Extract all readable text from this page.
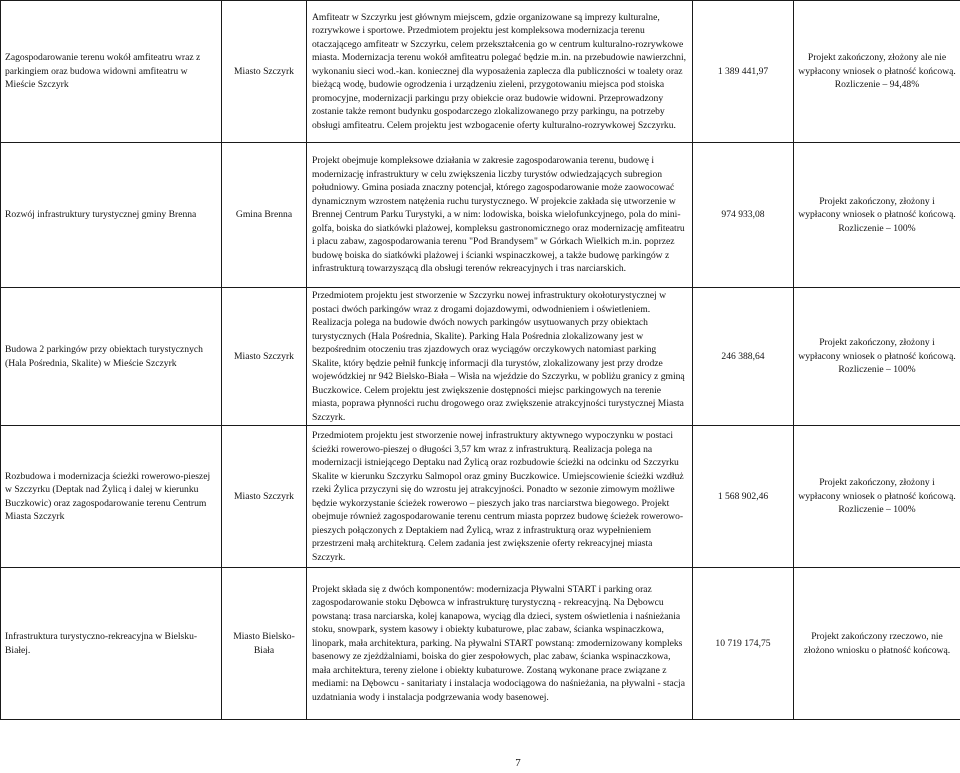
Zagospodarowanie terenu wokół amfiteatru wraz z parkingiem oraz budowa widowni amfiteatru w Mieście Szczyrk	Miasto Szczyrk	Amfiteatr w Szczyrku jest głównym miejscem, gdzie organizowane są imprezy kulturalne, rozrywkowe i sportowe. Przedmiotem projektu jest kompleksowa modernizacja terenu otaczającego amfiteatr w Szczyrku, celem przekształcenia go w centrum kulturalno-rozrywkowe miasta. Modernizacja terenu wokół amfiteatru polegać będzie m.in. na przebudowie nawierzchni, wykonaniu sieci wod.-kan. koniecznej dla wyposażenia zaplecza dla publiczności w toalety oraz bieżącą wodę, budowie ogrodzenia i urządzeniu zieleni, przygotowaniu miejsca pod stoiska promocyjne, modernizacji parkingu przy obiekcie oraz budowie widowni. Przeprowadzony zostanie także remont budynku gospodarczego zlokalizowanego przy parkingu, na potrzeby obsługi amfiteatru. Celem projektu jest wzbogacenie oferty kulturalno-rozrywkowej Szczyrku.	1 389 441,97	Projekt zakończony, złożony ale nie wypłacony wniosek o płatność końcową. Rozliczenie – 94,48%
Rozwój infrastruktury turystycznej gminy Brenna	Gmina Brenna	Projekt obejmuje kompleksowe działania w zakresie zagospodarowania terenu, budowę i modernizację infrastruktury w celu zwiększenia liczby turystów odwiedzających subregion południowy. Gmina posiada znaczny potencjał, którego zagospodarowanie może zaowocować dynamicznym wzrostem natężenia ruchu turystycznego. W projekcie zakłada się utworzenie w Brennej Centrum Parku Turystyki, a w nim: lodowiska, boiska wielofunkcyjnego, pola do mini-golfa, boiska do siatkówki plażowej, kompleksu gastronomicznego oraz modernizację amfiteatru i placu zabaw, zagospodarowania terenu "Pod Brandysem" w Górkach Wielkich m.in. poprzez budowę boiska do siatkówki plażowej i ścianki wspinaczkowej, a także budowę parkingów z infrastrukturą towarzyszącą dla obsługi terenów rekreacyjnych i tras narciarskich.	974 933,08	Projekt zakończony, złożony i wypłacony wniosek o płatność końcową. Rozliczenie – 100%
Budowa 2 parkingów przy obiektach turystycznych (Hala Pośrednia, Skalite) w Mieście Szczyrk	Miasto Szczyrk	Przedmiotem projektu jest stworzenie w Szczyrku nowej infrastruktury okołoturystycznej w postaci dwóch parkingów wraz z drogami dojazdowymi, odwodnieniem i oświetleniem. Realizacja polega na budowie dwóch nowych parkingów usytuowanych przy obiektach turystycznych (Hala Pośrednia, Skalite). Parking Hala Pośrednia zlokalizowany jest w bezpośrednim otoczeniu tras zjazdowych oraz wyciągów orczykowych natomiast parking Skalite, który będzie pełnił funkcję informacji dla turystów, zlokalizowany jest przy drodze wojewódzkiej nr 942 Bielsko-Biała – Wisła na wjeździe do Szczyrku, w pobliżu granicy z gminą Buczkowice. Celem projektu jest zwiększenie dostępności miejsc parkingowych na terenie miasta, poprawa płynności ruchu drogowego oraz zwiększenie atrakcyjności turystycznej Miasta Szczyrk.	246 388,64	Projekt zakończony, złożony i wypłacony wniosek o płatność końcową. Rozliczenie – 100%
Rozbudowa i modernizacja ścieżki rowerowo-pieszej w Szczyrku (Deptak nad Żylicą i dalej w kierunku Buczkowic) oraz zagospodarowanie terenu Centrum Miasta Szczyrk	Miasto Szczyrk	Przedmiotem projektu jest stworzenie nowej infrastruktury aktywnego wypoczynku w postaci ścieżki rowerowo-pieszej o długości 3,57 km wraz z infrastrukturą. Realizacja polega na modernizacji istniejącego Deptaku nad Żylicą oraz rozbudowie ścieżki na odcinku od Szczyrku Skalite w kierunku Szczyrku Salmopol oraz gminy Buczkowice. Umiejscowienie ścieżki wzdłuż rzeki Żylica przyczyni się do wzrostu jej atrakcyjności. Ponadto w sezonie zimowym możliwe będzie wykorzystanie ścieżek rowerowo – pieszych jako tras narciarstwa biegowego. Projekt obejmuje również zagospodarowanie terenu centrum miasta poprzez budowę ścieżek rowerowo-pieszych połączonych z Deptakiem nad Żylicą, wraz z infrastrukturą oraz wypełnieniem przestrzeni małą architekturą. Celem zadania jest zwiększenie oferty rekreacyjnej miasta Szczyrk.	1 568 902,46	Projekt zakończony, złożony i wypłacony wniosek o płatność końcową. Rozliczenie – 100%
Infrastruktura turystyczno-rekreacyjna w Bielsku-Białej.	Miasto Bielsko-Biała	Projekt składa się z dwóch komponentów: modernizacja Pływalni START i parking oraz zagospodarowanie stoku Dębowca w infrastrukturę turystyczną - rekreacyjną. Na Dębowcu powstaną: trasa narciarska, kolej kanapowa, wyciąg dla dzieci, system oświetlenia i naśnieżania stoku, snowpark, system kasowy i obiekty kubaturowe, plac zabaw, ścianka wspinaczkowa, linopark, mała architektura, parking. Na pływalni START powstaną: zmodernizowany kompleks basenowy ze zjeżdżalniami, boiska do gier zespołowych, plac zabaw, ścianka wspinaczkowa, mała architektura, tereny zielone i obiekty kubaturowe. Zostaną wykonane prace związane z mediami: na Dębowcu - sanitariaty i instalacja wodociągowa do naśnieżania, na pływalni - stacja uzdatniania wody i instalacja podgrzewania wody basenowej.	10 719 174,75	Projekt zakończony rzeczowo, nie złożono wniosku o płatność końcową.
7
